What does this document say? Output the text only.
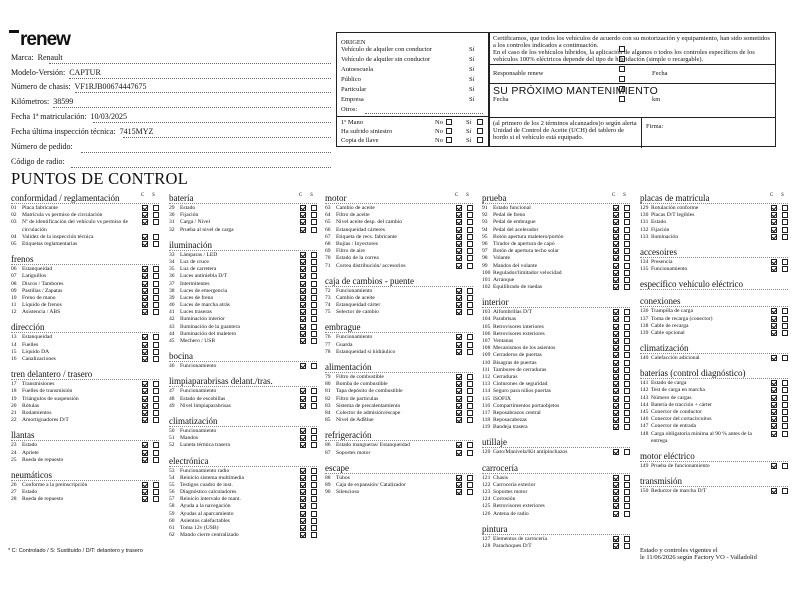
renew
Marca: Renault
Modelo-Versión: CAPTUR
Número de chasis: VF1RJB00674447675
Kilómetros: 38599
Fecha 1ª matriculación: 10/03/2025
Fecha última inspección técnica: 7415MYZ
Número de pedido:
Código de radio:
ORIGEN
Vehículo de alquiler con conductor	Sí
Vehículo de alquiler sin conductor	Sí
Autoescuela	Sí
Público	Sí
Particular	Sí
Empresa	Sí
Otros:
1º Mano	No	Sí
Ha sufrido siniestro	No	Sí
Copia de llave	No	Sí
Certificamos, que todos los vehículos de acuerdo con su motorización y equipamiento, han sido sometidos a los controles indicados a continuación.
En el caso de los vehículos híbridos, la aplicación de algunos o todos los controles específicos de los vehículos 100% eléctricos depende del tipo de hibridación (simple o recargable).
Responsable renew	Fecha
SU PRÓXIMO MANTENIMIENTO
Fecha	km
(al primero de los 2 términos alcanzados)o según alerta Unidad de Control de Aceite (UCH) del tablero de bordo si el vehículo está equipado.
Firma:
PUNTOS DE CONTROL
conformidad / reglamentación	C S
01 Placa fabricante
02 Matrícula vs permiso de circulación
03 Nº de identificación del vehículo vs permiso de circulación
04 Validez de la inspección técnica
05 Etiquetas reglamentarias
frenos
06 Estanqueidad
07 Latiguillos
08 Discos / Tambores
09 Pastillas / Zapatas
10 Freno de mano
11 Líquido de frenos
12 Asistencia / ABS
dirección
13 Estanqueidad
14 Fuelles
15 Líquido DA
16 Canalizaciones
tren delantero / trasero
17 Transmisiones
18 Fuelles de transmisión
19 Triángulos de suspensión
20 Rótulas
21 Rodamientos
22 Amortiguadores D/T
llantas
23 Estado
24 Apriete
25 Rueda de repuesto
neumáticos
26 Conforme a la preinscripción
27 Estado
28 Rueda de repuesto
batería	C S
29 Estado
30 Fijación
31 Carga / Nivel
32 Prueba al nivel de carga
iluminación
33 Lámparas / LED
34 Luz de cruce
35 Luz de carretera
36 Luces antiniebla D/T
37 Intermitentes
38 Luces de emergencia
39 Luces de freno
40 Luces de marcha atrás
41 Luces traseras
42 Iluminación interior
43 Iluminación de la guantera
44 Iluminación del maletero
45 Mechero / USB
bocina
46 Funcionamiento
limpiaparabrisas delant./tras.
47 Funcionamiento
48 Estado de escobillas
49 Nivel limpiaparabrisas
climatización
50 Funcionamiento
51 Mandos
52 Luneta térmica trasera
electrónica
53 Funcionamiento radio
54 Reinicio sistema multimedia
55 Testigos cuadro de inst.
56 Diagnóstico calculadores
57 Reinicio intervalo de mant.
58 Ayuda a la navegación
59 Ayudas al aparcamiento
60 Asientos calefactables
61 Toma 12v (USB)
62 Mando cierre centralizado
motor	C S
63 Cambio de aceite
64 Filtro de aceite
65 Nivel aceite desp. del cambio
66 Estanqueidad cárteres
67 Etiqueta de recs. fabricante
68 Bujías / Inyectores
69 Filtro de aire
70 Estado de la correa
71 Correa distribución/ accesorios
caja de cambios - puente
72 Funcionamiento
73 Cambio de aceite
74 Estanqueidad cárter
75 Selector de cambio
embrague
76 Funcionamiento
77 Guarda
78 Estanqueidad si hidráulico
alimentación
79 Filtro de combustible
80 Bomba de combustible
81 Tapa depósito de combustible
82 Filtro de partículas
83 Sistema de precalentamiento
84 Colector de admisión/escape
85 Nivel de AdBlue
refrigeración
86 Estado mangueras/ Estanqueidad
87 Soportes motor
escape
88 Tubos
89 Caja de expansión/ Catalizador
90 Silencioso
prueba	C S
91 Estado funcional
92 Pedal de freno
93 Pedal de embrague
94 Pedal del acelerador
95 Botón apertura maletero/portón
96 Tirador de apertura de capó
97 Botón de apertura techo solar
98 Volante
99 Mandos del volante
100 Regulador/limitador velocidad
101 Arranque
102 Equilibrado de ruedas
interior
103 Alfombrillas D/T
104 Parabrisas
105 Retrovisores interiores
106 Retrovisores exteriores
107 Ventanas
108 Mecanismos de los asientos
109 Cerraderos de puertas
110 Bisagras de puertas
111 Tambores de cerraduras
112 Cerraduras
113 Cinturones de seguridad
114 Seguro para niños puertas
115 ISOFIX
116 Compartimentos portaobjetos
117 Reposabrazos central
118 Reposacabezas
119 Bandeja trasera
utillaje
120 Gato/Manivela/Kit antipinchazos
carrocería
121 Chasis
122 Carrocería exterior
123 Soportes motor
124 Corrosión
125 Retrovisores exteriores
126 Antena de radio
pintura
127 Elementos de carrocería
128 Parachoques D/T
placas de matrícula	C S
129 Rotulación conforme
130 Placas D/T legibles
131 Estado
132 Fijación
133 Iluminación
accesoires
134 Presencia
135 Funcionamiento
específico vehículo eléctrico
conexiones
136 Trampilla de carga
137 Toma de recarga (conector)
138 Cable de recarga
139 Cable opcional
climatización
140 Calefacción adicional
baterías (control diagnóstico)
141 Estado de carga
142 Test de carga en marcha
143 Número de cargas
144 Batería de tracción + cárter
145 Conector de conductor
146 Conector del cortacircuitos
147 Conector de entrada
148 Carga obligatoria mínima al 90 % antes de la entrega
motor eléctrico
149 Prueba de funcionamiento
transmisión
150 Reductor de marcha D/T
* C: Controlado / S: Sustituido / D/T: delantero y trasero	Estado y controles vigentes el
le 11/06/2026 según Factory VO - Valladolid
